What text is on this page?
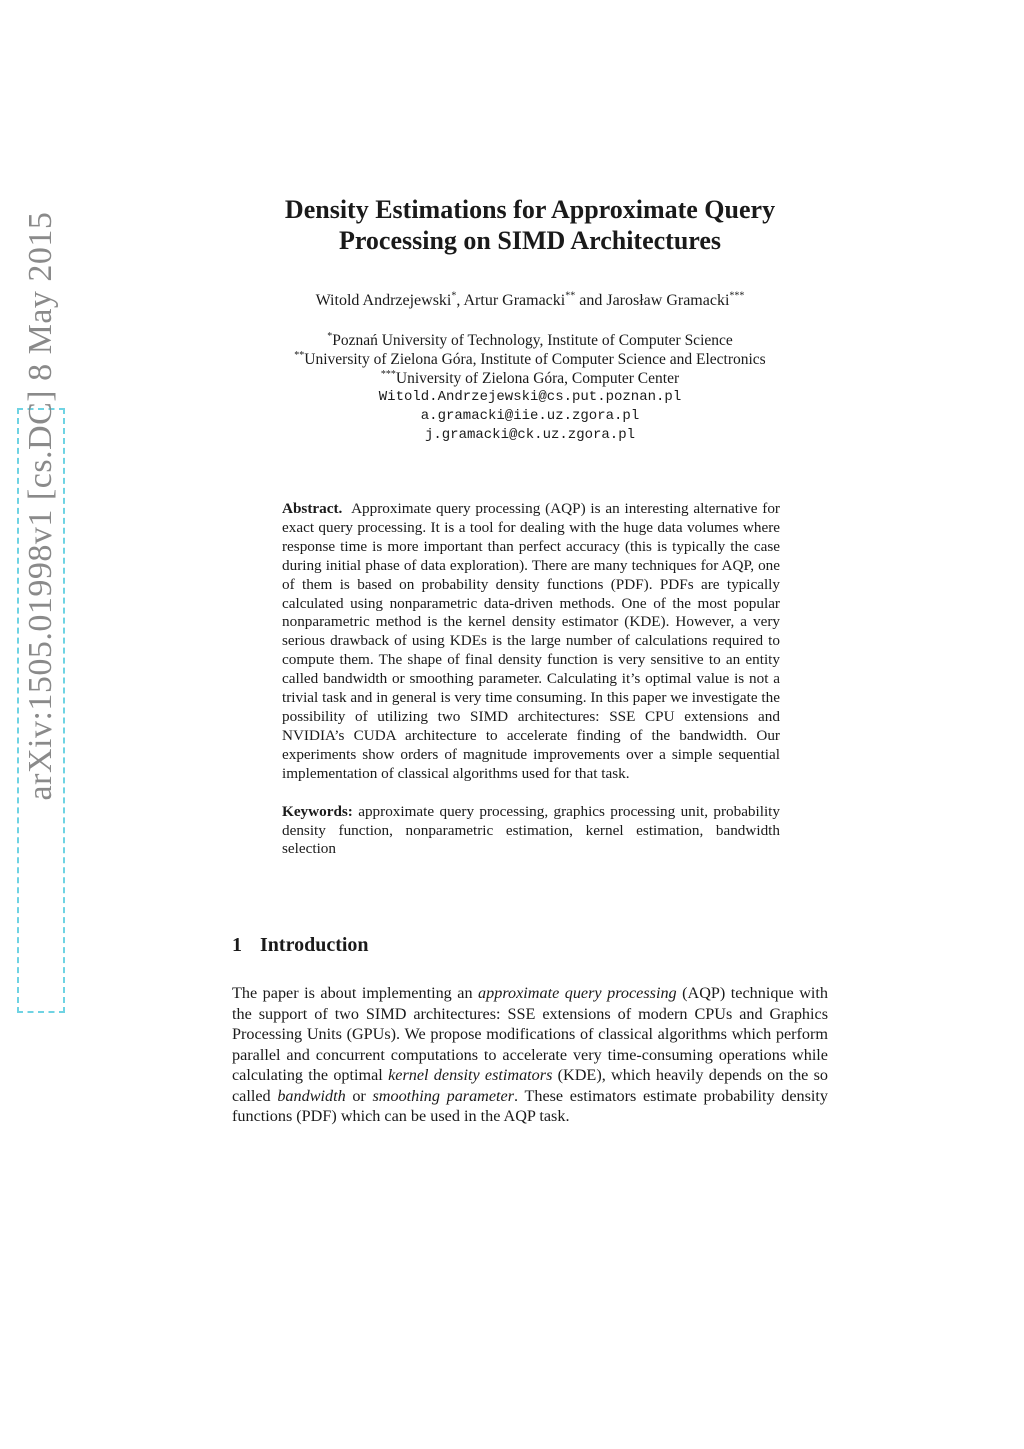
arXiv:1505.01998v1 [cs.DC] 8 May 2015
Density Estimations for Approximate Query
Processing on SIMD Architectures
Witold Andrzejewski*, Artur Gramacki** and Jarosław Gramacki***
*Poznań University of Technology, Institute of Computer Science
**University of Zielona Góra, Institute of Computer Science and Electronics
***University of Zielona Góra, Computer Center
Witold.Andrzejewski@cs.put.poznan.pl
a.gramacki@iie.uz.zgora.pl
j.gramacki@ck.uz.zgora.pl

Abstract. Approximate query processing (AQP) is an interesting alternative for exact query processing. It is a tool for dealing with the huge data volumes where response time is more important than perfect accuracy (this is typically the case during initial phase of data exploration). There are many techniques for AQP, one of them is based on probability density functions (PDF). PDFs are typically calculated using nonparametric data-driven methods. One of the most popular nonparametric method is the kernel density estimator (KDE). However, a very serious drawback of using KDEs is the large number of calculations required to compute them. The shape of final density function is very sensitive to an entity called bandwidth or smoothing parameter. Calculating it’s optimal value is not a trivial task and in general is very time consuming. In this paper we investigate the possibility of utilizing two SIMD architectures: SSE CPU extensions and NVIDIA’s CUDA architecture to accelerate finding of the bandwidth. Our experiments show orders of magnitude improvements over a simple sequential implementation of classical algorithms used for that task.

Keywords: approximate query processing, graphics processing unit, probability density function, nonparametric estimation, kernel estimation, bandwidth selection

1 Introduction

The paper is about implementing an approximate query processing (AQP) technique with the support of two SIMD architectures: SSE extensions of modern CPUs and Graphics Processing Units (GPUs). We propose modifications of classical algorithms which perform parallel and concurrent computations to accelerate very time-consuming operations while calculating the optimal kernel density estimators (KDE), which heavily depends on the so called bandwidth or smoothing parameter. These estimators estimate probability density functions (PDF) which can be used in the AQP task.
